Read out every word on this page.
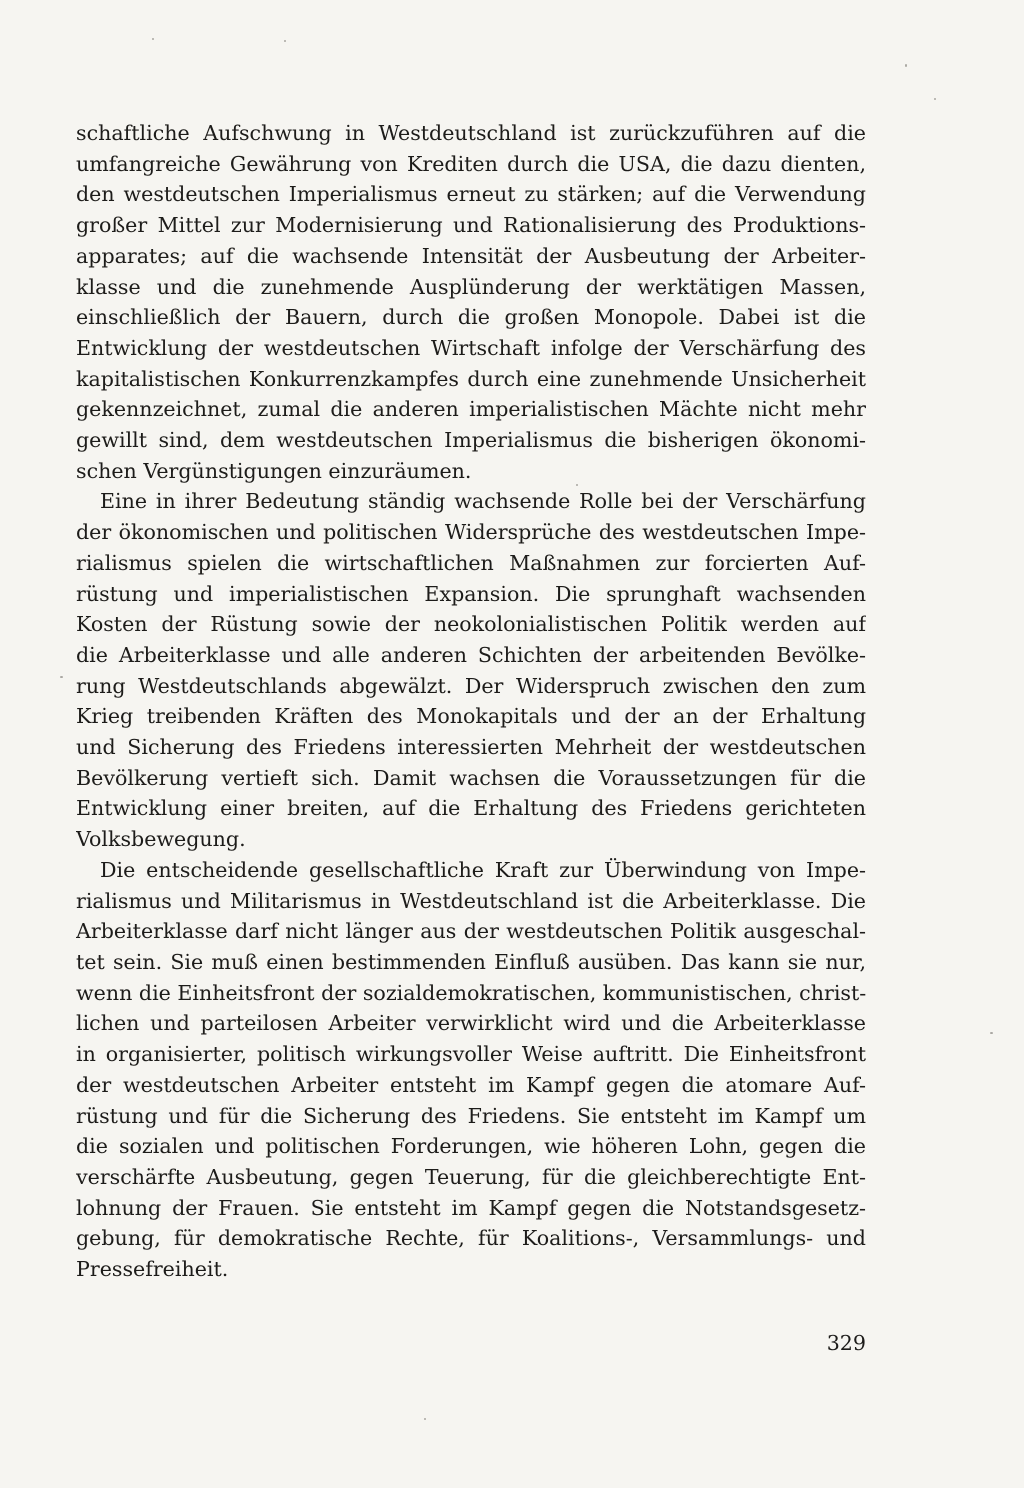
schaftliche Aufschwung in Westdeutschland ist zurückzuführen auf die
umfangreiche Gewährung von Krediten durch die USA, die dazu dienten,
den westdeutschen Imperialismus erneut zu stärken; auf die Verwendung
großer Mittel zur Modernisierung und Rationalisierung des Produktions-
apparates; auf die wachsende Intensität der Ausbeutung der Arbeiter-
klasse und die zunehmende Ausplünderung der werktätigen Massen,
einschließlich der Bauern, durch die großen Monopole. Dabei ist die
Entwicklung der westdeutschen Wirtschaft infolge der Verschärfung des
kapitalistischen Konkurrenzkampfes durch eine zunehmende Unsicherheit
gekennzeichnet, zumal die anderen imperialistischen Mächte nicht mehr
gewillt sind, dem westdeutschen Imperialismus die bisherigen ökonomi-
schen Vergünstigungen einzuräumen.
Eine in ihrer Bedeutung ständig wachsende Rolle bei der Verschärfung
der ökonomischen und politischen Widersprüche des westdeutschen Impe-
rialismus spielen die wirtschaftlichen Maßnahmen zur forcierten Auf-
rüstung und imperialistischen Expansion. Die sprunghaft wachsenden
Kosten der Rüstung sowie der neokolonialistischen Politik werden auf
die Arbeiterklasse und alle anderen Schichten der arbeitenden Bevölke-
rung Westdeutschlands abgewälzt. Der Widerspruch zwischen den zum
Krieg treibenden Kräften des Monokapitals und der an der Erhaltung
und Sicherung des Friedens interessierten Mehrheit der westdeutschen
Bevölkerung vertieft sich. Damit wachsen die Voraussetzungen für die
Entwicklung einer breiten, auf die Erhaltung des Friedens gerichteten
Volksbewegung.
Die entscheidende gesellschaftliche Kraft zur Überwindung von Impe-
rialismus und Militarismus in Westdeutschland ist die Arbeiterklasse. Die
Arbeiterklasse darf nicht länger aus der westdeutschen Politik ausgeschal-
tet sein. Sie muß einen bestimmenden Einfluß ausüben. Das kann sie nur,
wenn die Einheitsfront der sozialdemokratischen, kommunistischen, christ-
lichen und parteilosen Arbeiter verwirklicht wird und die Arbeiterklasse
in organisierter, politisch wirkungsvoller Weise auftritt. Die Einheitsfront
der westdeutschen Arbeiter entsteht im Kampf gegen die atomare Auf-
rüstung und für die Sicherung des Friedens. Sie entsteht im Kampf um
die sozialen und politischen Forderungen, wie höheren Lohn, gegen die
verschärfte Ausbeutung, gegen Teuerung, für die gleichberechtigte Ent-
lohnung der Frauen. Sie entsteht im Kampf gegen die Notstandsgesetz-
gebung, für demokratische Rechte, für Koalitions-, Versammlungs- und
Pressefreiheit.
329
